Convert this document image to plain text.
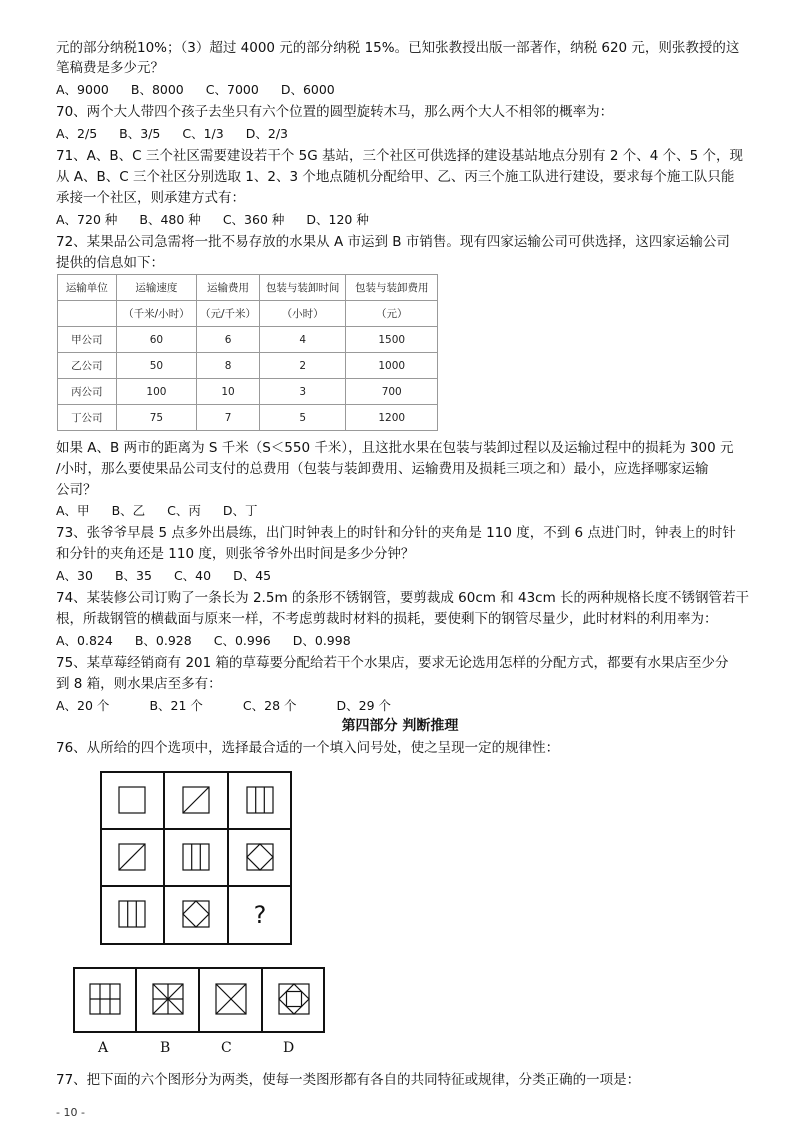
元的部分纳税10%；（3）超过 4000 元的部分纳税 15%。已知张教授出版一部著作，纳税 620 元，则张教授的这
笔稿费是多少元？
A、9000 B、8000 C、7000 D、6000
70、两个大人带四个孩子去坐只有六个位置的圆型旋转木马，那么两个大人不相邻的概率为：
A、2/5 B、3/5 C、1/3 D、2/3
71、A、B、C 三个社区需要建设若干个 5G 基站，三个社区可供选择的建设基站地点分别有 2 个、4 个、5 个，现
从 A、B、C 三个社区分别选取 1、2、3 个地点随机分配给甲、乙、丙三个施工队进行建设，要求每个施工队只能
承接一个社区，则承建方式有：
A、720 种 B、480 种 C、360 种 D、120 种
72、某果品公司急需将一批不易存放的水果从 A 市运到 B 市销售。现有四家运输公司可供选择，这四家运输公司
提供的信息如下：
运输单位	运输速度	运输费用	包装与装卸时间	包装与装卸费用
	（千米/小时）	（元/千米）	（小时）	（元）
甲公司	60	6	4	1500
乙公司	50	8	2	1000
丙公司	100	10	3	700
丁公司	75	7	5	1200
如果 A、B 两市的距离为 S 千米（S＜550 千米），且这批水果在包装与装卸过程以及运输过程中的损耗为 300 元
/小时，那么要使果品公司支付的总费用（包装与装卸费用、运输费用及损耗三项之和）最小，应选择哪家运输
公司？
A、甲 B、乙 C、丙 D、丁
73、张爷爷早晨 5 点多外出晨练，出门时钟表上的时针和分针的夹角是 110 度，不到 6 点进门时，钟表上的时针
和分针的夹角还是 110 度，则张爷爷外出时间是多少分钟？
A、30 B、35 C、40 D、45
74、某装修公司订购了一条长为 2.5m 的条形不锈钢管，要剪裁成 60cm 和 43cm 长的两种规格长度不锈钢管若干
根，所裁钢管的横截面与原来一样，不考虑剪裁时材料的损耗，要使剩下的钢管尽量少，此时材料的利用率为：
A、0.824 B、0.928 C、0.996 D、0.998
75、某草莓经销商有 201 箱的草莓要分配给若干个水果店，要求无论选用怎样的分配方式，都要有水果店至少分
到 8 箱，则水果店至多有：
A、20 个	B、21 个	C、28 个	D、29 个
第四部分 判断推理
76、从所给的四个选项中，选择最合适的一个填入问号处，使之呈现一定的规律性：
?
A	B	C	D
77、把下面的六个图形分为两类，使每一类图形都有各自的共同特征或规律，分类正确的一项是：
- 10 -
